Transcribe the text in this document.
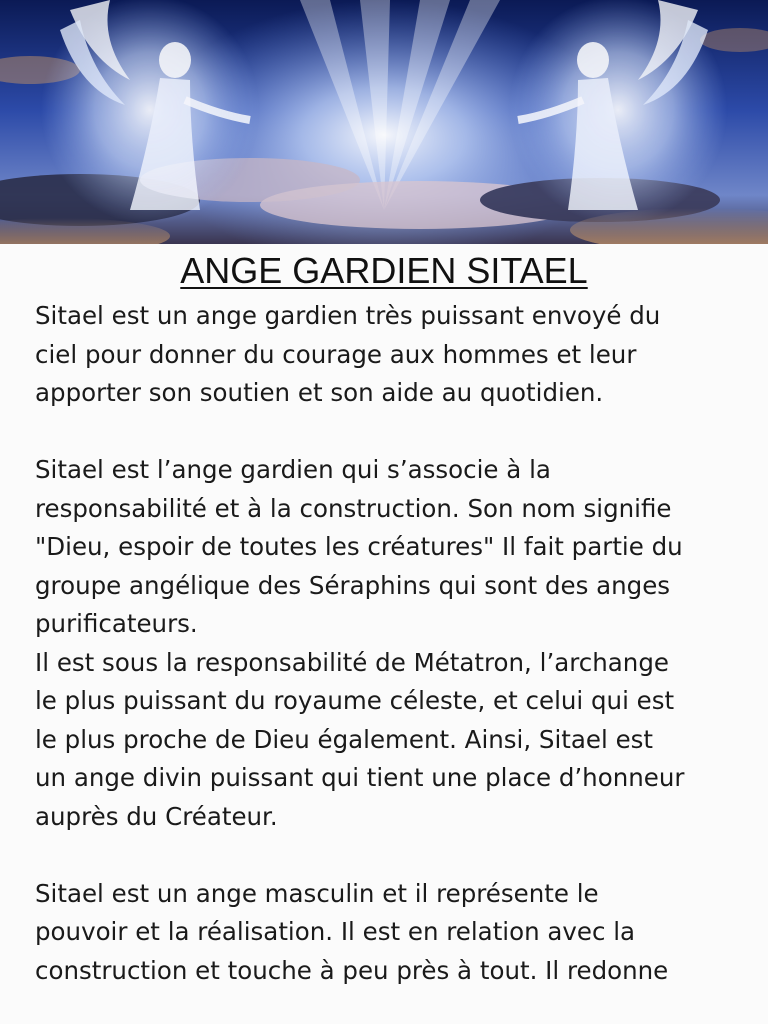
ANGE GARDIEN SITAEL
Sitael est un ange gardien très puissant envoyé du
ciel pour donner du courage aux hommes et leur
apporter son soutien et son aide au quotidien.
Sitael est l’ange gardien qui s’associe à la
responsabilité et à la construction. Son nom signifie
"Dieu, espoir de toutes les créatures" Il fait partie du
groupe angélique des Séraphins qui sont des anges
purificateurs.
Il est sous la responsabilité de Métatron, l’archange
le plus puissant du royaume céleste, et celui qui est
le plus proche de Dieu également. Ainsi, Sitael est
un ange divin puissant qui tient une place d’honneur
auprès du Créateur.
Sitael est un ange masculin et il représente le
pouvoir et la réalisation. Il est en relation avec la
construction et touche à peu près à tout. Il redonne
